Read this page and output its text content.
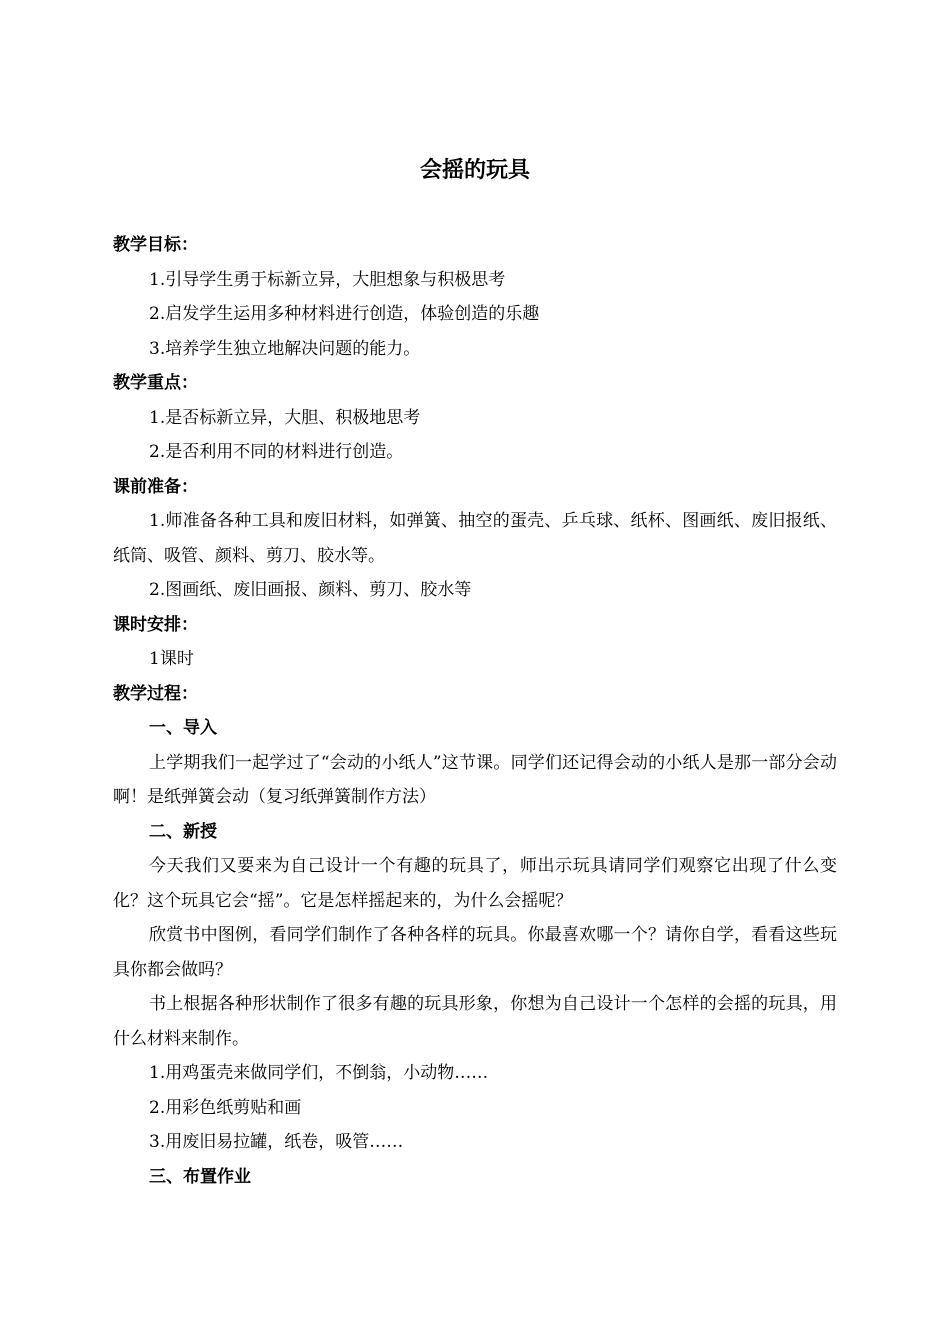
会摇的玩具

教学目标：

1.引导学生勇于标新立异，大胆想象与积极思考

2.启发学生运用多种材料进行创造，体验创造的乐趣

3.培养学生独立地解决问题的能力。

教学重点：

1.是否标新立异，大胆、积极地思考

2.是否利用不同的材料进行创造。

课前准备：

1.师准备各种工具和废旧材料，如弹簧、抽空的蛋壳、乒乓球、纸杯、图画纸、废旧报纸、纸筒、吸管、颜料、剪刀、胶水等。

2.图画纸、废旧画报、颜料、剪刀、胶水等

课时安排：

1课时

教学过程：

一、导入

上学期我们一起学过了“会动的小纸人”这节课。同学们还记得会动的小纸人是那一部分会动啊！是纸弹簧会动（复习纸弹簧制作方法）

二、新授

今天我们又要来为自己设计一个有趣的玩具了，师出示玩具请同学们观察它出现了什么变化？这个玩具它会“摇”。它是怎样摇起来的，为什么会摇呢？

欣赏书中图例，看同学们制作了各种各样的玩具。你最喜欢哪一个？请你自学，看看这些玩具你都会做吗？

书上根据各种形状制作了很多有趣的玩具形象，你想为自己设计一个怎样的会摇的玩具，用什么材料来制作。

1.用鸡蛋壳来做同学们，不倒翁，小动物……

2.用彩色纸剪贴和画

3.用废旧易拉罐，纸卷，吸管……

三、布置作业
